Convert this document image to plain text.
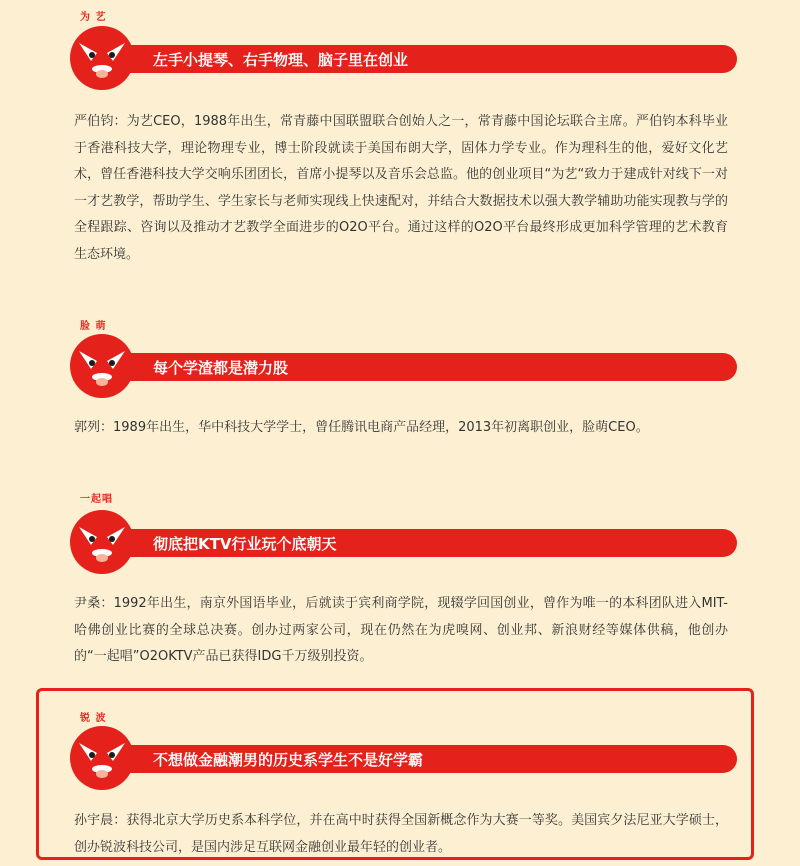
为 艺
左手小提琴、右手物理、脑子里在创业
严伯钧：为艺CEO，1988年出生，常青藤中国联盟联合创始人之一，常青藤中国论坛联合主席。严伯钧本科毕业于香港科技大学，理论物理专业，博士阶段就读于美国布朗大学，固体力学专业。作为理科生的他，爱好文化艺术，曾任香港科技大学交响乐团团长，首席小提琴以及音乐会总监。他的创业项目“为艺“致力于建成针对线下一对一才艺教学，帮助学生、学生家长与老师实现线上快速配对，并结合大数据技术以强大教学辅助功能实现教与学的全程跟踪、咨询以及推动才艺教学全面进步的O2O平台。通过这样的O2O平台最终形成更加科学管理的艺术教育生态环境。
脸 萌
每个学渣都是潜力股
郭列：1989年出生，华中科技大学学士，曾任腾讯电商产品经理，2013年初离职创业，脸萌CEO。
一起唱
彻底把KTV行业玩个底朝天
尹桑：1992年出生，南京外国语毕业，后就读于宾利商学院，现辍学回国创业，曾作为唯一的本科团队进入MIT-哈佛创业比赛的全球总决赛。创办过两家公司，现在仍然在为虎嗅网、创业邦、新浪财经等媒体供稿，他创办的“一起唱”O2OKTV产品已获得IDG千万级别投资。
锐 波
不想做金融潮男的历史系学生不是好学霸
孙宇晨：获得北京大学历史系本科学位，并在高中时获得全国新概念作为大赛一等奖。美国宾夕法尼亚大学硕士，创办锐波科技公司，是国内涉足互联网金融创业最年轻的创业者。
